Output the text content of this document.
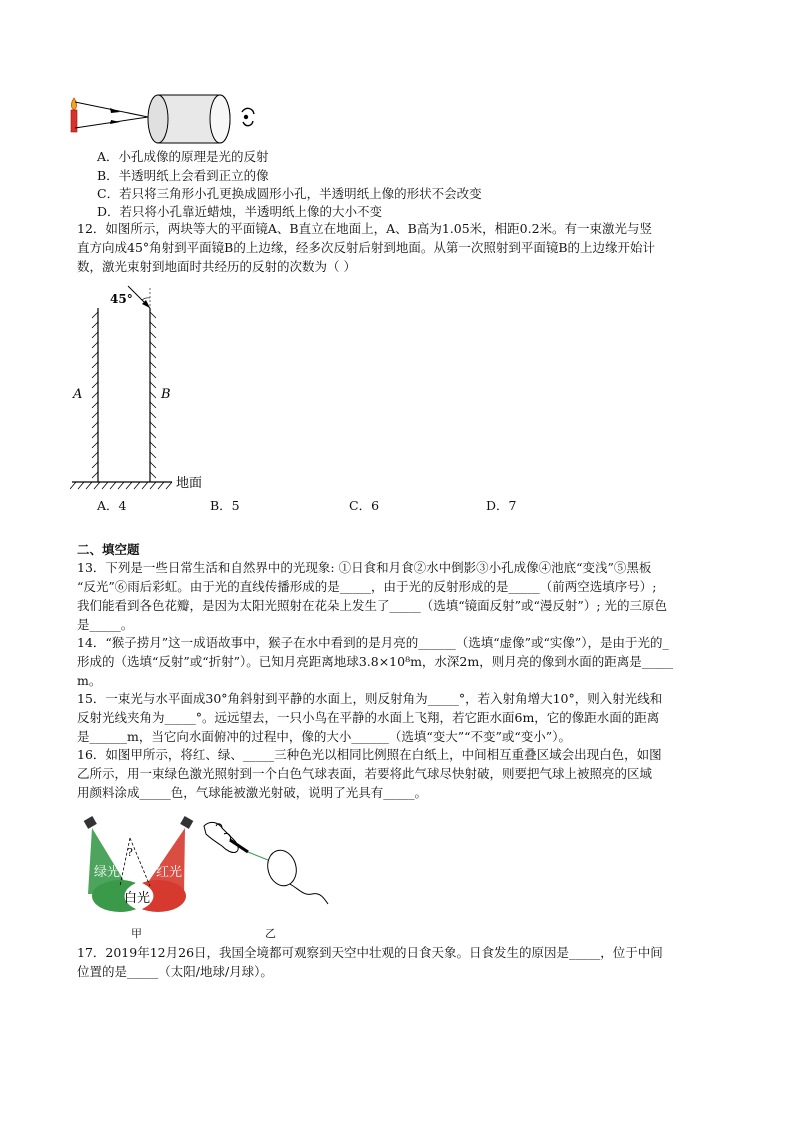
A．小孔成像的原理是光的反射
B．半透明纸上会看到正立的像
C．若只将三角形小孔更换成圆形小孔，半透明纸上像的形状不会改变
D．若只将小孔靠近蜡烛，半透明纸上像的大小不变
12．如图所示，两块等大的平面镜A、B直立在地面上，A、B高为1.05米，相距0.2米。有一束激光与竖
直方向成45°角射到平面镜B的上边缘，经多次反射后射到地面。从第一次照射到平面镜B的上边缘开始计
数，激光束射到地面时共经历的反射的次数为（ ）
45°
A	B
地面
A．4	B．5	C．6	D．7
二、填空题
13．下列是一些日常生活和自然界中的光现象: ①日食和月食②水中倒影③小孔成像④池底“变浅”⑤黑板
“反光”⑥雨后彩虹。由于光的直线传播形成的是_____，由于光的反射形成的是_____（前两空选填序号）;
我们能看到各色花瓣，是因为太阳光照射在花朵上发生了_____（选填“镜面反射”或“漫反射”）; 光的三原色
是_____。
14．“猴子捞月”这一成语故事中，猴子在水中看到的是月亮的______（选填“虚像”或“实像”），是由于光的_
形成的（选填“反射”或“折射”）。已知月亮距离地球3.8×10⁸m，水深2m，则月亮的像到水面的距离是_____
m。
15．一束光与水平面成30°角斜射到平静的水面上，则反射角为_____°，若入射角增大10°，则入射光线和
反射光线夹角为_____°。远远望去，一只小鸟在平静的水面上飞翔，若它距水面6m，它的像距水面的距离
是______m，当它向水面俯冲的过程中，像的大小______（选填“变大”“不变”或“变小”）。
16．如图甲所示，将红、绿、_____三种色光以相同比例照在白纸上，中间相互重叠区域会出现白色，如图
乙所示，用一束绿色激光照射到一个白色气球表面，若要将此气球尽快射破，则要把气球上被照亮的区域
用颜料涂成_____色，气球能被激光射破，说明了光具有_____。
?
绿光	红光
白光
甲	乙
17．2019年12月26日，我国全境都可观察到天空中壮观的日食天象。日食发生的原因是_____，位于中间
位置的是_____（太阳/地球/月球）。
